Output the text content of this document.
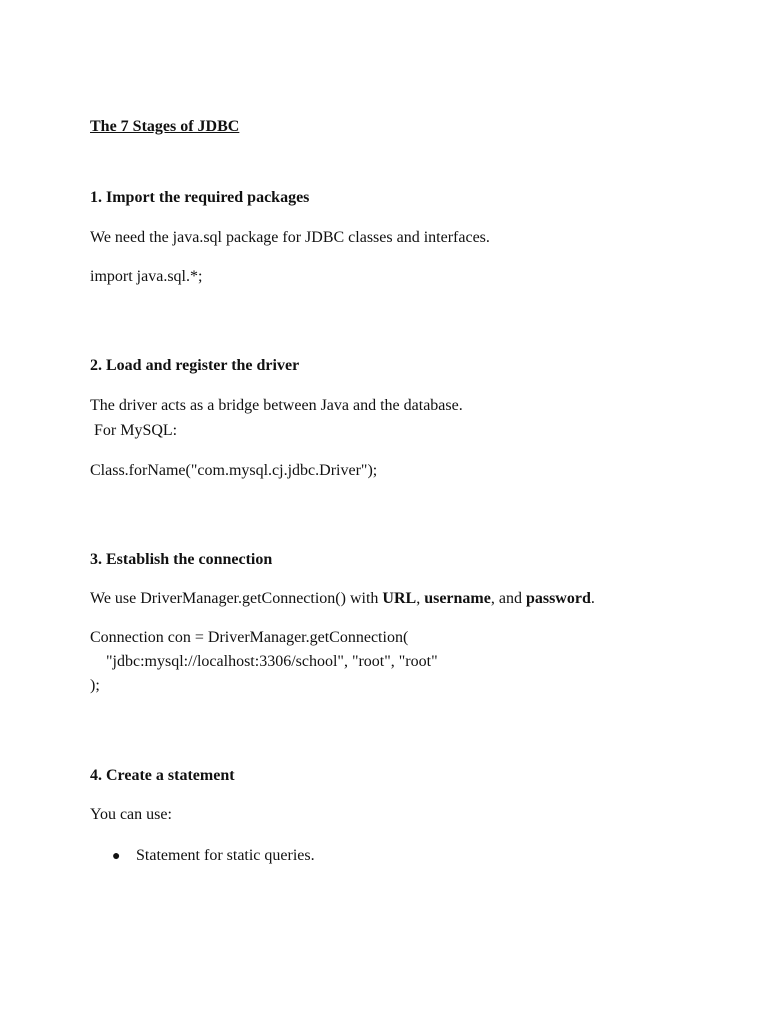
The 7 Stages of JDBC
1. Import the required packages
We need the java.sql package for JDBC classes and interfaces.
import java.sql.*;
2. Load and register the driver
The driver acts as a bridge between Java and the database.
For MySQL:
Class.forName("com.mysql.cj.jdbc.Driver");
3. Establish the connection
We use DriverManager.getConnection() with URL, username, and password.
Connection con = DriverManager.getConnection(
"jdbc:mysql://localhost:3306/school", "root", "root"
);
4. Create a statement
You can use:
● Statement for static queries.
